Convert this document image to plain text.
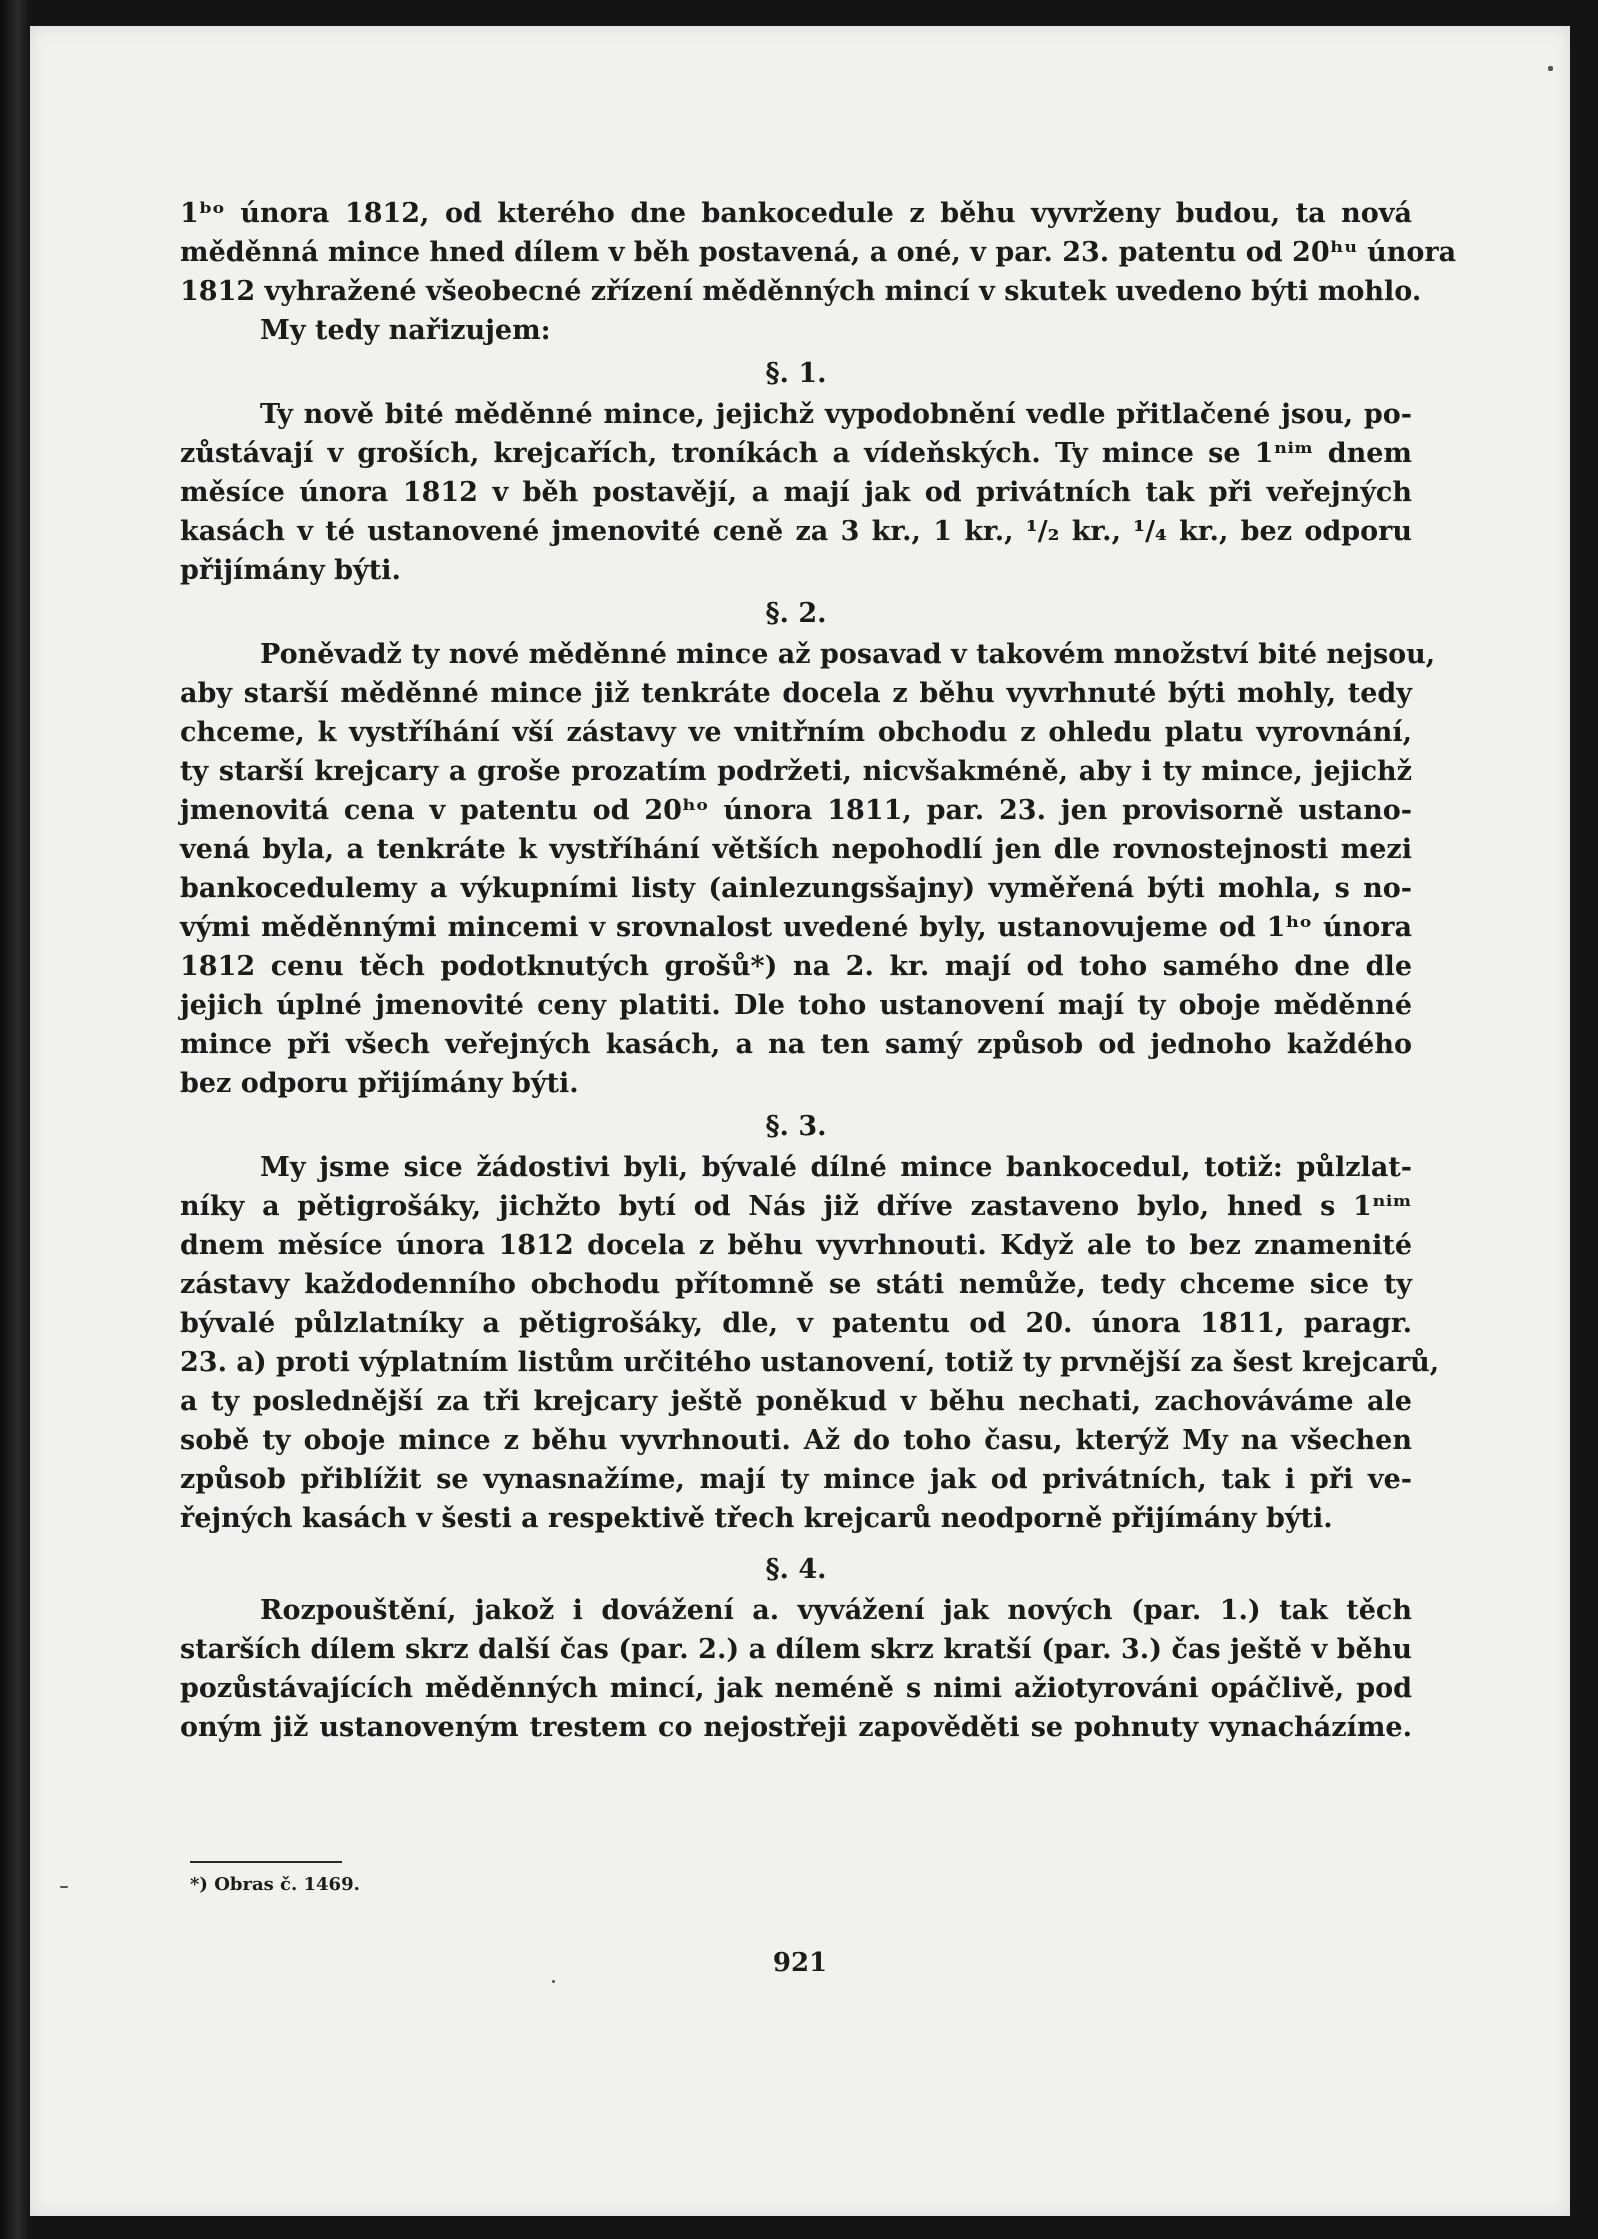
1ᵇᵒ února 1812, od kterého dne bankocedule z běhu vyvrženy budou, ta nová
měděnná mince hned dílem v běh postavená, a oné, v par. 23. patentu od 20ʰᵘ února
1812 vyhražené všeobecné zřízení měděnných mincí v skutek uvedeno býti mohlo.
My tedy nařizujem:
§. 1.
Ty nově bité měděnné mince, jejichž vypodobnění vedle přitlačené jsou, po-
zůstávají v groších, krejcařích, troníkách a vídeňských. Ty mince se 1ⁿⁱᵐ dnem
měsíce února 1812 v běh postavějí, a mají jak od privátních tak při veřejných
kasách v té ustanovené jmenovité ceně za 3 kr., 1 kr., ¹/₂ kr., ¹/₄ kr., bez odporu
přijímány býti.
§. 2.
Poněvadž ty nové měděnné mince až posavad v takovém množství bité nejsou,
aby starší měděnné mince již tenkráte docela z běhu vyvrhnuté býti mohly, tedy
chceme, k vystříhání vší zástavy ve vnitřním obchodu z ohledu platu vyrovnání,
ty starší krejcary a groše prozatím podržeti, nicvšakméně, aby i ty mince, jejichž
jmenovitá cena v patentu od 20ʰᵒ února 1811, par. 23. jen provisorně ustano-
vená byla, a tenkráte k vystříhání větších nepohodlí jen dle rovnostejnosti mezi
bankocedulemy a výkupními listy (ainlezungsšajny) vyměřená býti mohla, s no-
vými měděnnými mincemi v srovnalost uvedené byly, ustanovujeme od 1ʰᵒ února
1812 cenu těch podotknutých grošů*) na 2. kr. mají od toho samého dne dle
jejich úplné jmenovité ceny platiti. Dle toho ustanovení mají ty oboje měděnné
mince při všech veřejných kasách, a na ten samý způsob od jednoho každého
bez odporu přijímány býti.
§. 3.
My jsme sice žádostivi byli, bývalé dílné mince bankocedul, totiž: půlzlat-
níky a pětigrošáky, jichžto bytí od Nás již dříve zastaveno bylo, hned s 1ⁿⁱᵐ
dnem měsíce února 1812 docela z běhu vyvrhnouti. Když ale to bez znamenité
zástavy každodenního obchodu přítomně se státi nemůže, tedy chceme sice ty
bývalé půlzlatníky a pětigrošáky, dle, v patentu od 20. února 1811, paragr.
23. a) proti výplatním listům určitého ustanovení, totiž ty prvnější za šest krejcarů,
a ty poslednější za tři krejcary ještě poněkud v běhu nechati, zachováváme ale
sobě ty oboje mince z běhu vyvrhnouti. Až do toho času, kterýž My na všechen
způsob přiblížit se vynasnažíme, mají ty mince jak od privátních, tak i při ve-
řejných kasách v šesti a respektivě třech krejcarů neodporně přijímány býti.
§. 4.
Rozpouštění, jakož i dovážení a. vyvážení jak nových (par. 1.) tak těch
starších dílem skrz další čas (par. 2.) a dílem skrz kratší (par. 3.) čas ještě v běhu
pozůstávajících měděnných mincí, jak neméně s nimi ažiotyrováni opáčlivě, pod
oným již ustanoveným trestem co nejostřeji zapověděti se pohnuty vynacházíme.
*) Obras č. 1469.
921
